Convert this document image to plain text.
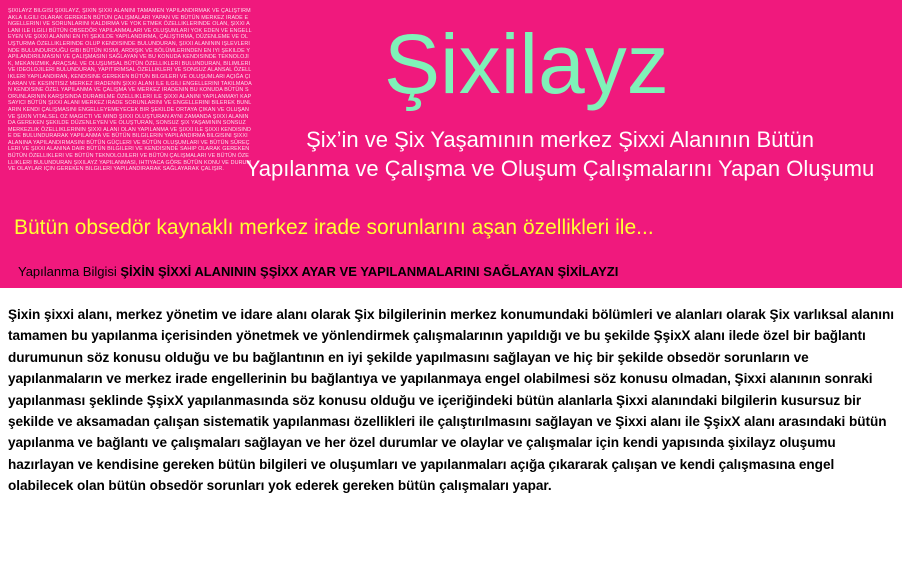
ŞIXILAYZ BILGISI ŞIXILAYZ, ŞIXIN ŞIXXI ALANINI TAMAMEN YAPILANDIRMAK VE ÇALIŞTIRMAKLA ILGILI OLARAK GEREKEN BÜTÜN ÇALIŞMALARI YAPAN VE BÜTÜN MERKEZ IRADE ENGELLERINI VE SORUNLARINI KALDIRMA VE YOK ETMEK ÖZELLIKLERINDE OLAN, ŞIXXI ALANI ILE ILGILI BÜTÜN OBSEDÖR YAPILANMALARI VE OLUŞUMLARI YOK EDEN VE ENGELLEYEN VE ŞIXXI ALANINI EN IYI ŞEKILDE YAPILANDIRMA, ÇALIŞTIRMA, DÜZENLEME VE OLUŞTURMA ÖZELLIKLERINDE OLUP KENDISINDE BULUNDURAN, ŞIXXI ALANININ IŞLEVLERINDE BULUNDURDUĞU GIBI BÜTÜN KISMI, ARDIŞIK VE BÖLÜMLERINDEN EN IYI ŞEKILDE YAPILANDIRILMASINI VE ÇALIŞMASINI SAĞLAYAN VE BU KONUDA KENDISINDE TEKNOLOJIK, MEKANIZMIK, ARAÇSAL VE OLUŞUMSAL BÜTÜN ÖZELLIKLERI BULUNDURAN, BILIMLERI VE IDEOLOJILERI BULUNDURAN, YAPITIRIMSAL ÖZELLIKLERI VE SONSUZ ALANSAL ÖZELLIKLERI YAPILANDIRAN, KENDISINE GEREKEN BÜTÜN BILGILERI VE OLUŞUMLARI AÇIĞA ÇIKARAN VE KESINTISIZ MERKEZ IRADENIN ŞIXXI ALANI ILE ILGILI ENGELLERINI TAKILMADAN KENDISINE ÖZEL YAPILANMA VE ÇALIŞMA VE MERKEZ IRADENIN BU KONUDA BÜTÜN SORUNLARININ KARŞISINDA DURABILME ÖZELLIKLERI ILE ŞIXXI ALANINI YAPILANMAYI KAPSAYICI BÜTÜN ŞIXXI ALANI MERKEZ IRADE SORUNLARINI VE ENGELLERINI BILEREK BUNLARIN KENDI ÇALIŞMASINI ENGELLEYEMEYECEK BIR ŞEKILDE ORTAYA ÇIKAN VE OLUŞAN VE ŞIXIN VITALSEL OZ MAGICTI VE MIND ŞIXXI OLUŞTURAN AYNI ZAMANDA ŞIXXI ALANINDA GEREKEN ŞEKILDE DÜZENLEYEN VE OLUŞTURAN, SONSUZ ŞIX YAŞAMININ SONSUZ MERKEZLIK ÖZELLIKLERININ ŞIXXI ALANI OLAN YAPILANMA VE ŞIXXI ILE ŞIXXI KENDISINDE DE BULUNDURARAK YAPILANMA VE BÜTÜN BILGILERIN YAPILANDIRMA BILGISINI ŞIXXI ALANINA YAPILANDIRMASINI BÜTÜN GÜÇLERI VE BÜTÜN OLUŞUMLARI VE BÜTÜN SÜREÇLERI VE ŞIXXI ALANINA DAIR BÜTÜN BILGILERI VE KENDISINDE SAHIP OLARAK GEREKEN BÜTÜN ÖZELLIKLERI VE BÜTÜN TEKNOLOJILERI VE BÜTÜN ÇALIŞMALARI VE BÜTÜN ÖZELLIKLERI BULUNDURAN ŞIXILAYZ YAPILANMASI, IHTIYACA GÖRE BÜTÜN KONU VE DURUM VE OLAYLAR IÇIN GEREKEN BILGILERI YAPILANDIRARAK SAĞLAYARAK ÇALIŞIR.
Şixilayz
Şix’in ve Şix Yaşamının merkez Şixxi Alanının Bütün
Yapılanma ve Çalışma ve Oluşum Çalışmalarını Yapan Oluşumu
Bütün obsedör kaynaklı merkez irade sorunlarını aşan özellikleri ile...
Yapılanma Bilgisi ŞİXİN ŞİXXİ ALANININ ŞŞİXX AYAR VE YAPILANMALARINI SAĞLAYAN ŞİXİLAYZI
Şixin şixxi alanı, merkez yönetim ve idare alanı olarak Şix bilgilerinin merkez konumundaki bölümleri ve alanları olarak Şix varlıksal alanını tamamen bu yapılanma içerisinden yönetmek ve yönlendirmek çalışmalarının yapıldığı ve bu şekilde ŞşixX alanı ilede özel bir bağlantı durumunun söz konusu olduğu ve bu bağlantının en iyi şekilde yapılmasını sağlayan ve hiç bir şekilde obsedör sorunların ve yapılanmaların ve merkez irade engellerinin bu bağlantıya ve yapılanmaya engel olabilmesi söz konusu olmadan, Şixxi alanının sonraki yapılanması şeklinde ŞşixX yapılanmasında söz konusu olduğu ve içeriğindeki bütün alanlarla Şixxi alanındaki bilgilerin kusursuz bir şekilde ve aksamadan çalışan sistematik yapılanması özellikleri ile çalıştırılmasını sağlayan ve Şixxi alanı ile ŞşixX alanı arasındaki bütün yapılanma ve bağlantı ve çalışmaları sağlayan ve her özel durumlar ve olaylar ve çalışmalar için kendi yapısında şixilayz oluşumu hazırlayan ve kendisine gereken bütün bilgileri ve oluşumları ve yapılanmaları açığa çıkararak çalışan ve kendi çalışmasına engel olabilecek olan bütün obsedör sorunları yok ederek gereken bütün çalışmaları yapar.
